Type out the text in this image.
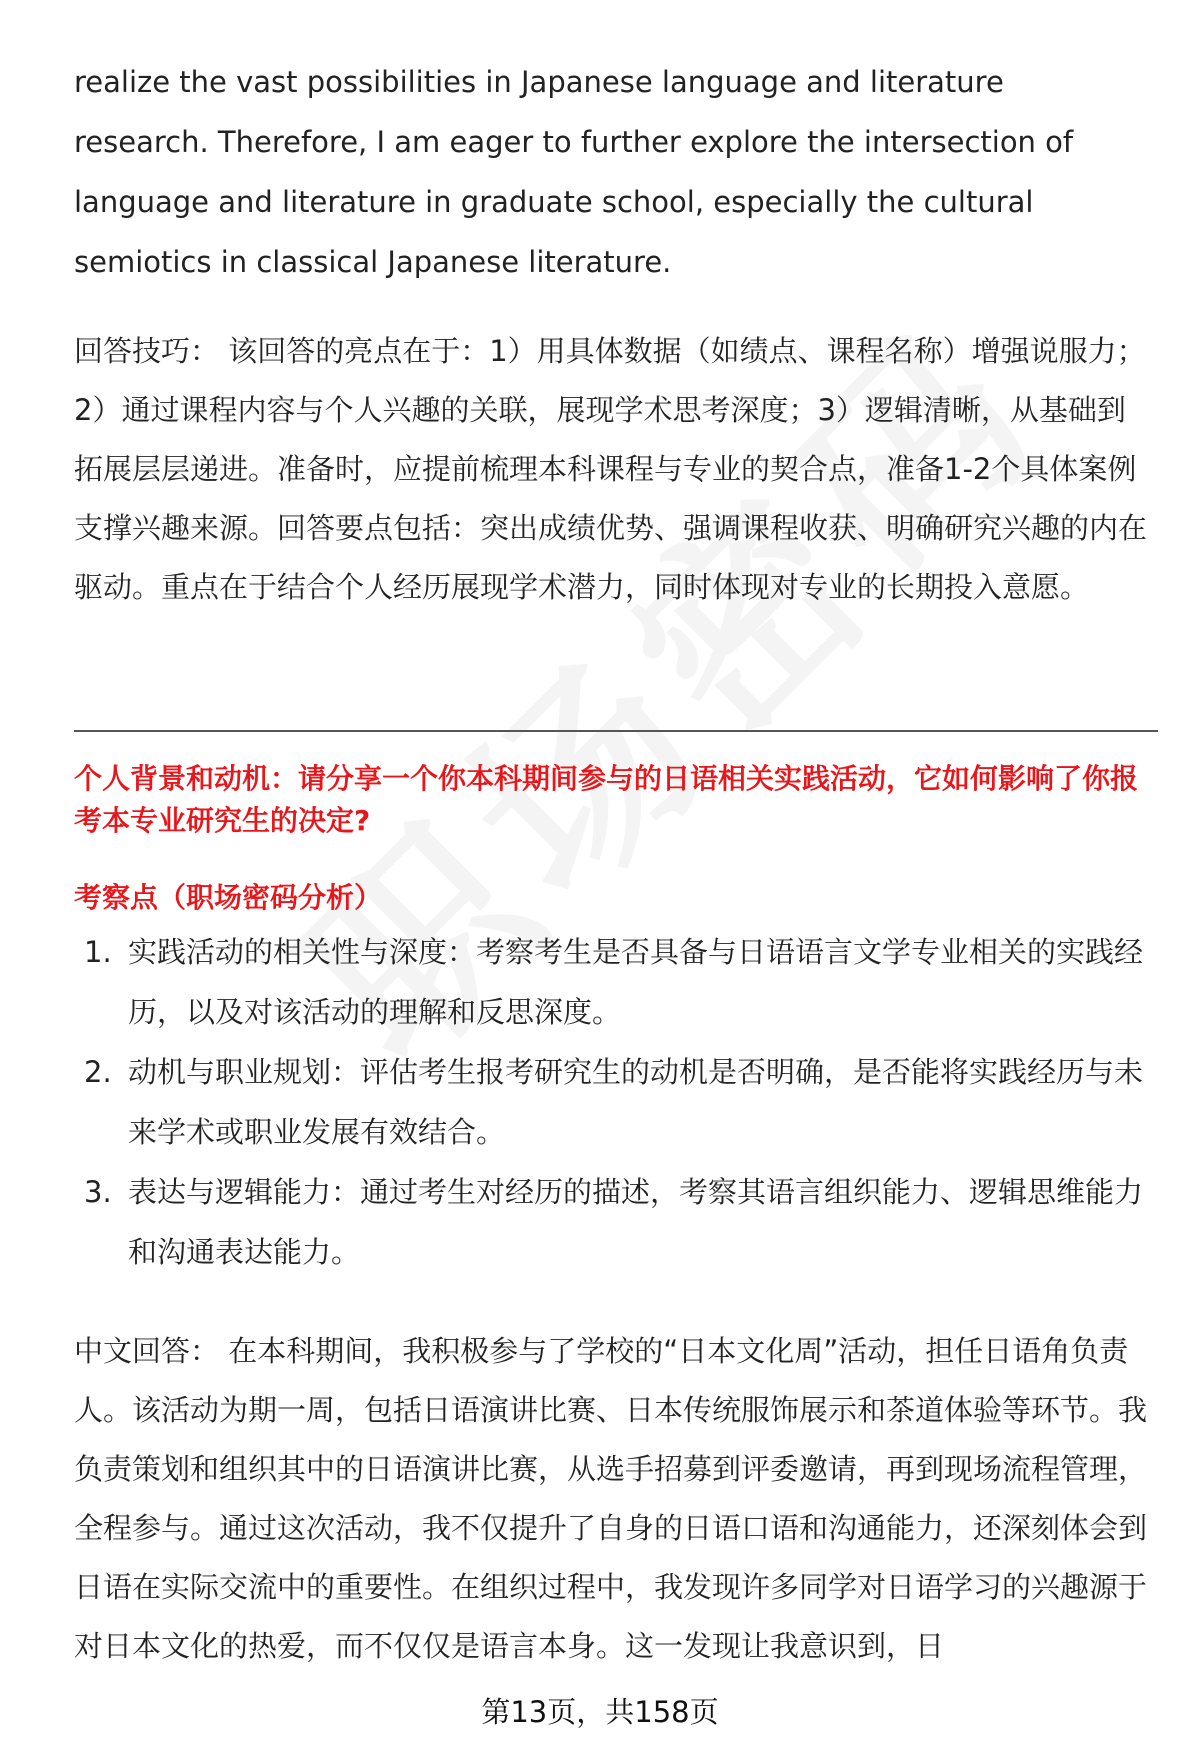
realize the vast possibilities in Japanese language and literature research. Therefore, I am eager to further explore the intersection of language and literature in graduate school, especially the cultural semiotics in classical Japanese literature.
回答技巧： 该回答的亮点在于：1）用具体数据（如绩点、课程名称）增强说服力；2）通过课程内容与个人兴趣的关联，展现学术思考深度；3）逻辑清晰，从基础到拓展层层递进。准备时，应提前梳理本科课程与专业的契合点，准备1-2个具体案例支撑兴趣来源。回答要点包括：突出成绩优势、强调课程收获、明确研究兴趣的内在驱动。重点在于结合个人经历展现学术潜力，同时体现对专业的长期投入意愿。
个人背景和动机：请分享一个你本科期间参与的日语相关实践活动，它如何影响了你报考本专业研究生的决定?
考察点（职场密码分析）
1. 实践活动的相关性与深度：考察考生是否具备与日语语言文学专业相关的实践经历，以及对该活动的理解和反思深度。
2. 动机与职业规划：评估考生报考研究生的动机是否明确，是否能将实践经历与未来学术或职业发展有效结合。
3. 表达与逻辑能力：通过考生对经历的描述，考察其语言组织能力、逻辑思维能力和沟通表达能力。
中文回答： 在本科期间，我积极参与了学校的“日本文化周”活动，担任日语角负责人。该活动为期一周，包括日语演讲比赛、日本传统服饰展示和茶道体验等环节。我负责策划和组织其中的日语演讲比赛，从选手招募到评委邀请，再到现场流程管理，全程参与。通过这次活动，我不仅提升了自身的日语口语和沟通能力，还深刻体会到日语在实际交流中的重要性。在组织过程中，我发现许多同学对日语学习的兴趣源于对日本文化的热爱，而不仅仅是语言本身。这一发现让我意识到，日
第13页，共158页
